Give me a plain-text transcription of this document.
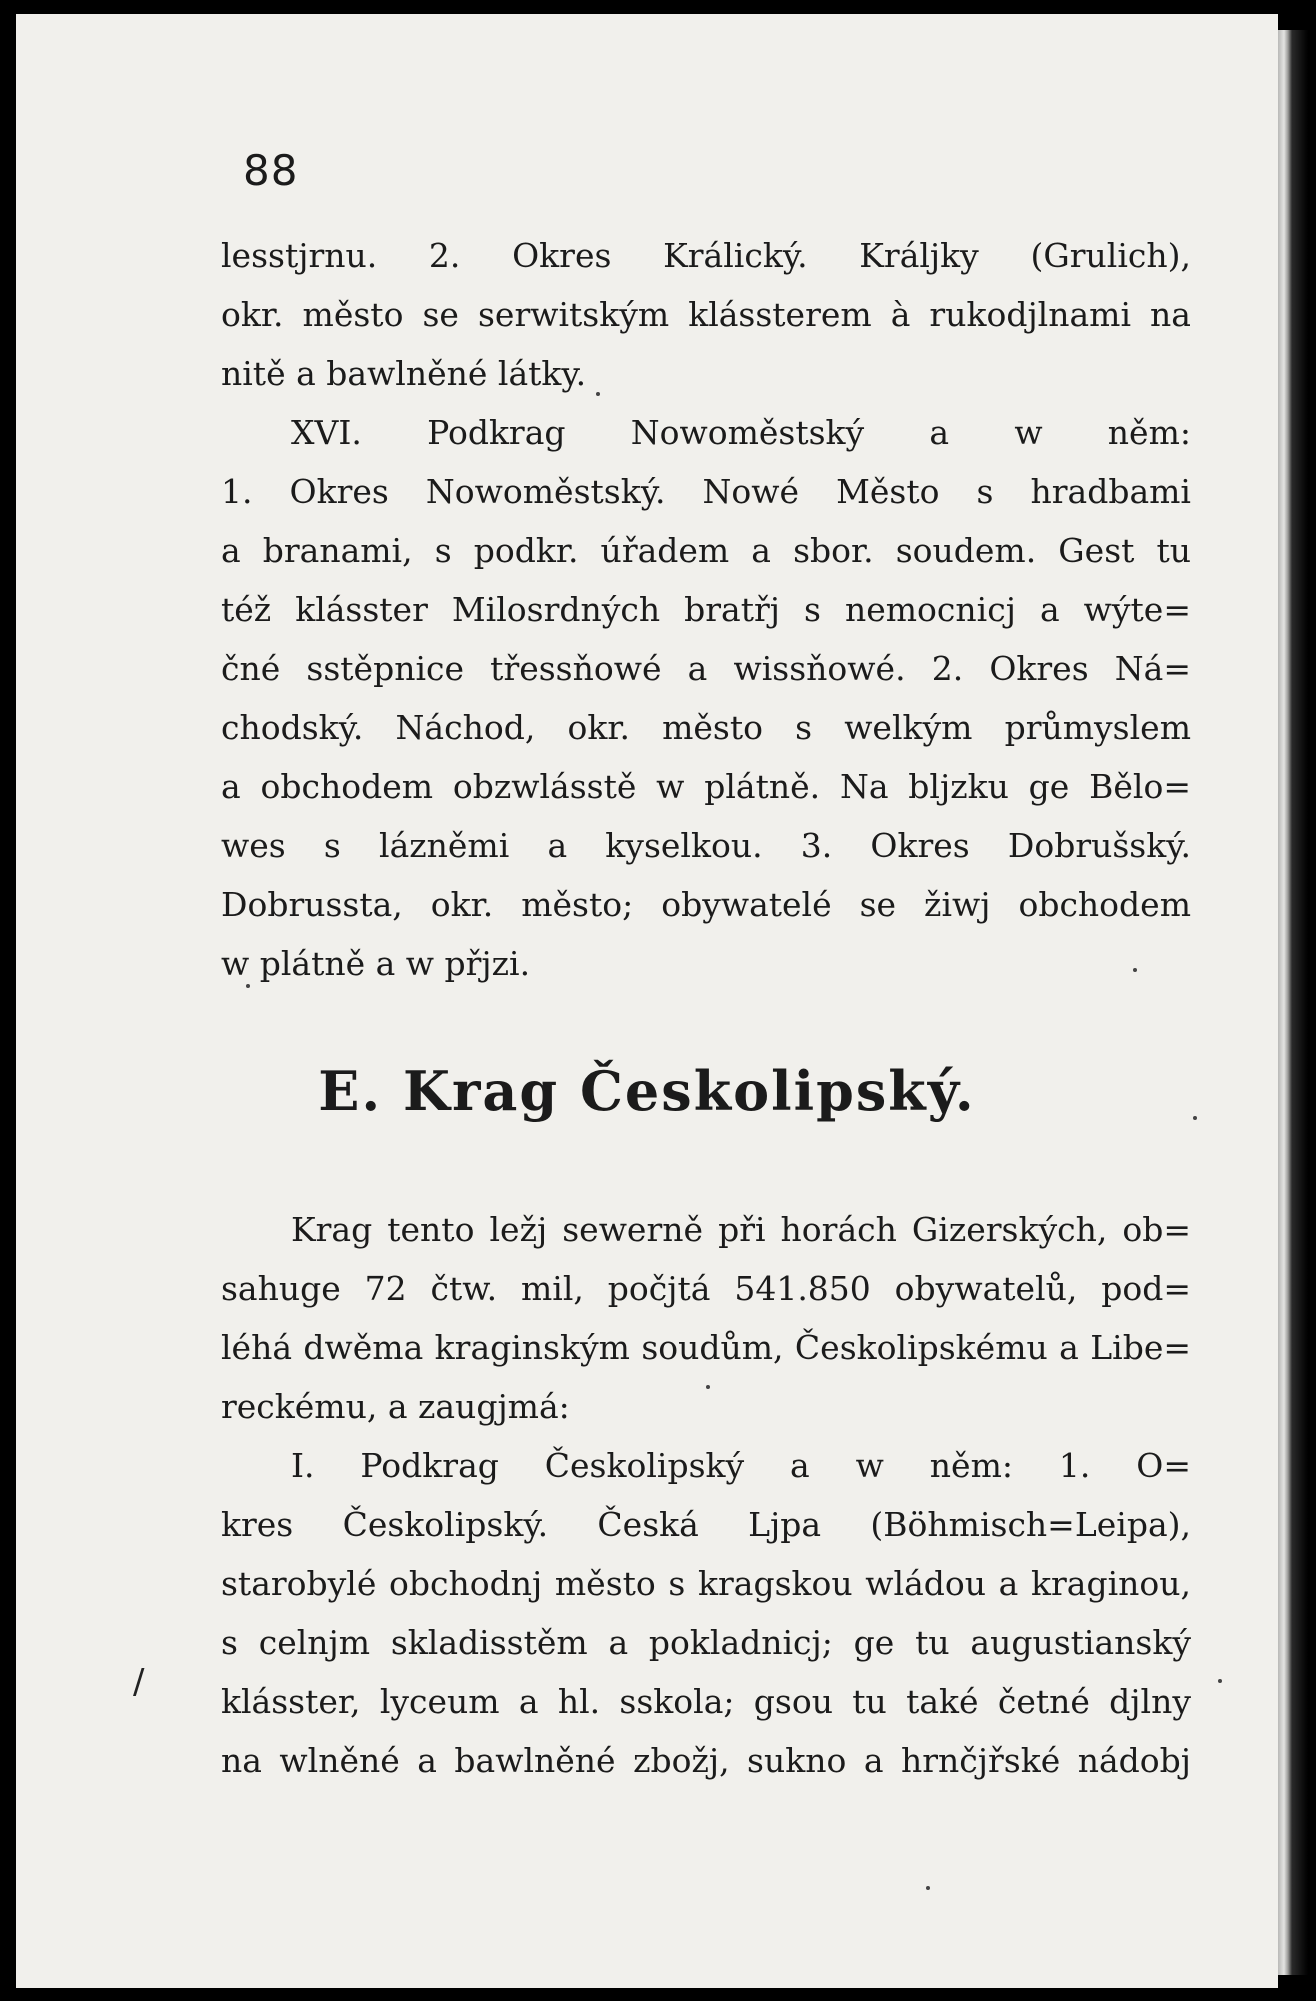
88
lesstjrnu. 2. Okres Králický. Králjky (Grulich),
okr. město se serwitským klássterem à rukodjlnami na
nitě a bawlněné látky.
XVI. Podkrag Nowoměstský a w něm:
1. Okres Nowoměstský. Nowé Město s hradbami
a branami, s podkr. úřadem a sbor. soudem. Gest tu
též klásster Milosrdných bratřj s nemocnicj a wýte=
čné sstěpnice třessňowé a wissňowé. 2. Okres Ná=
chodský. Náchod, okr. město s welkým průmyslem
a obchodem obzwlásstě w plátně. Na bljzku ge Bělo=
wes s lázněmi a kyselkou. 3. Okres Dobrušský.
Dobrussta, okr. město; obywatelé se žiwj obchodem
w plátně a w přjzi.
E. Krag Českolipský.
Krag tento ležj sewerně při horách Gizerských, ob=
sahuge 72 čtw. mil, počjtá 541.850 obywatelů, pod=
léhá dwěma kraginským soudům, Českolipskému a Libe=
reckému, a zaugjmá:
I. Podkrag Českolipský a w něm: 1. O=
kres Českolipský. Česká Ljpa (Böhmisch=Leipa),
starobylé obchodnj město s kragskou wládou a kraginou,
s celnjm skladisstěm a pokladnicj; ge tu augustianský
klásster, lyceum a hl. sskola; gsou tu také četné djlny
na wlněné a bawlněné zbožj, sukno a hrnčjřské nádobj
/
